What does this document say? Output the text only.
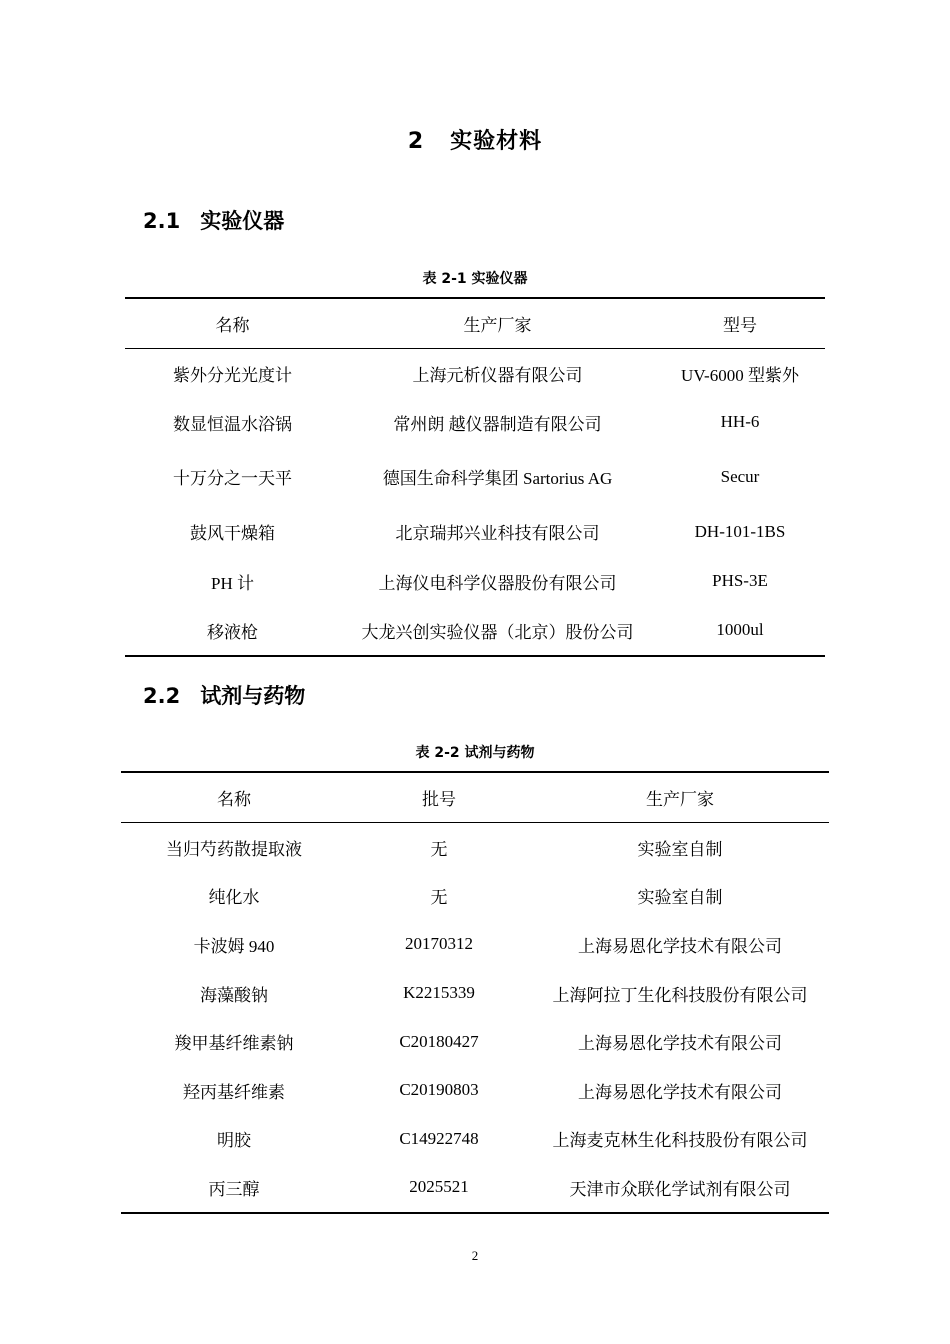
2 实验材料
2.1 实验仪器
表 2-1 实验仪器
名称	生产厂家	型号
紫外分光光度计	上海元析仪器有限公司	UV-6000 型紫外
数显恒温水浴锅	常州朗 越仪器制造有限公司	HH-6
十万分之一天平	德国生命科学集团 Sartorius AG	Secur
鼓风干燥箱	北京瑞邦兴业科技有限公司	DH-101-1BS
PH 计	上海仪电科学仪器股份有限公司	PHS-3E
移液枪	大龙兴创实验仪器（北京）股份公司	1000ul
2.2 试剂与药物
表 2-2 试剂与药物
名称	批号	生产厂家
当归芍药散提取液	无	实验室自制
纯化水	无	实验室自制
卡波姆 940	20170312	上海易恩化学技术有限公司
海藻酸钠	K2215339	上海阿拉丁生化科技股份有限公司
羧甲基纤维素钠	C20180427	上海易恩化学技术有限公司
羟丙基纤维素	C20190803	上海易恩化学技术有限公司
明胶	C14922748	上海麦克林生化科技股份有限公司
丙三醇	2025521	天津市众联化学试剂有限公司
2
